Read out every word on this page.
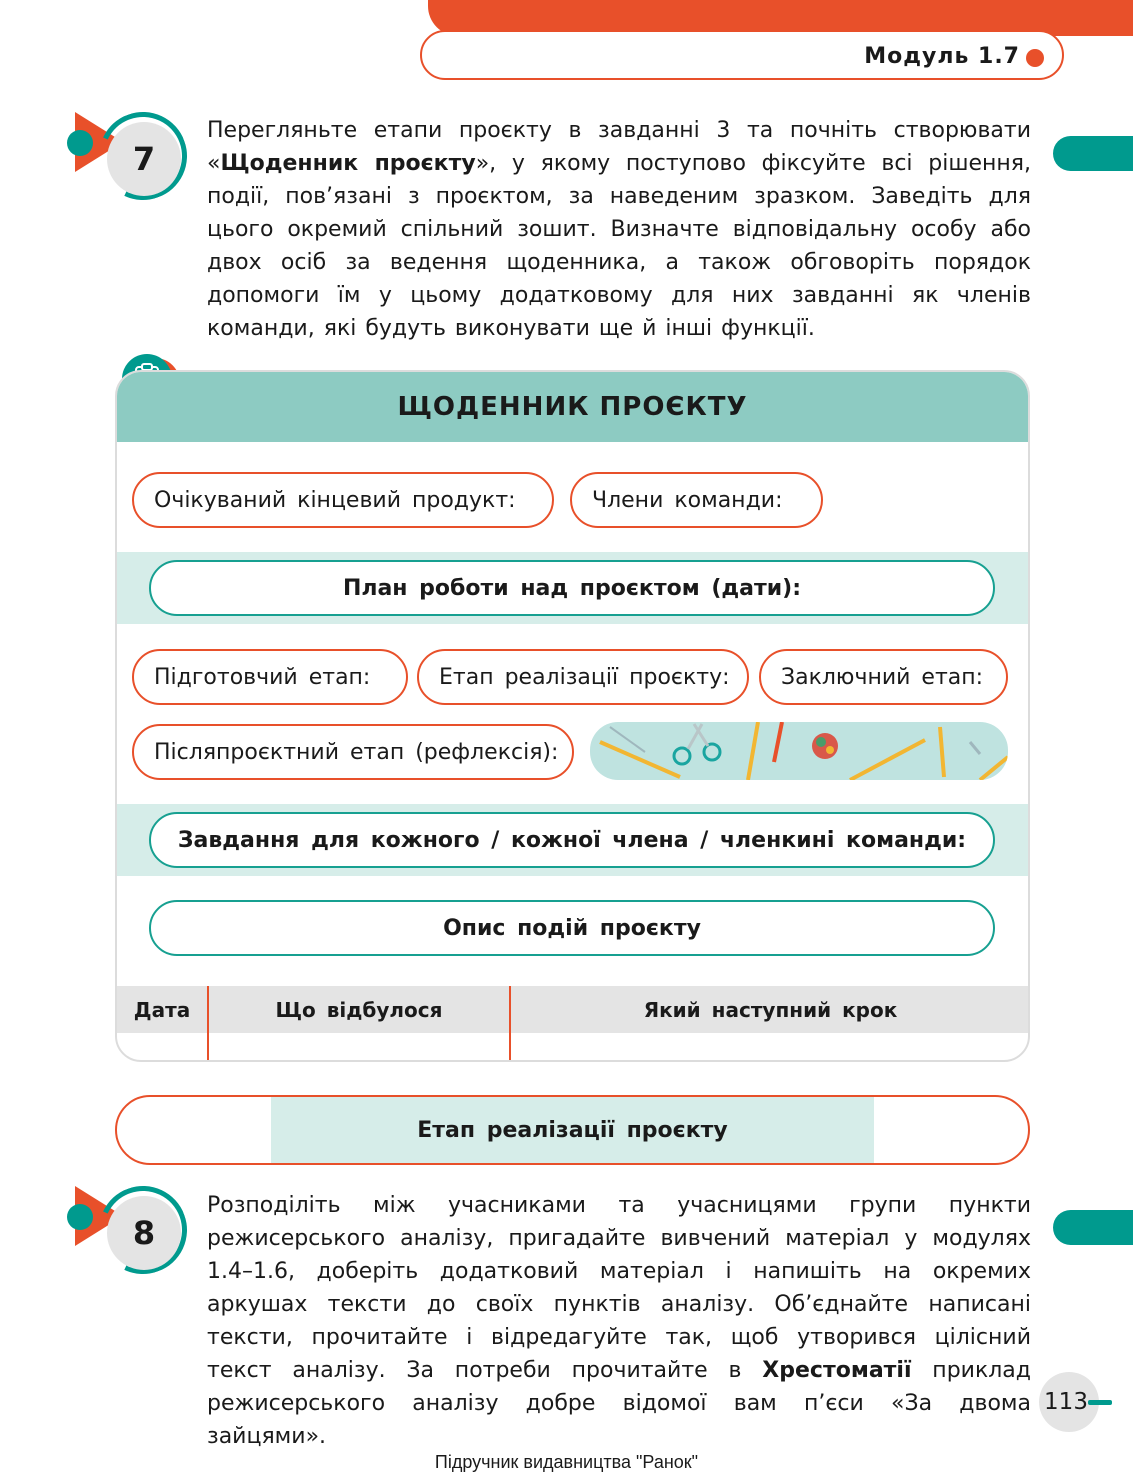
Модуль 1.7
7
Перегляньте етапи проєкту в завданні 3 та почніть створювати «Щоденник проєкту», у якому поступово фіксуйте всі рішення, події, пов’язані з проєктом, за наведеним зразком. Заведіть для цього окремий спільний зошит. Визначте відповідальну особу або двох осіб за ведення щоденника, а також обговоріть порядок допомоги їм у цьому додатковому для них завданні як членів команди, які будуть виконувати ще й інші функції.
ЩОДЕННИК ПРОЄКТУ
Очікуваний кінцевий продукт:	Члени команди:
План роботи над проєктом (дати):
Підготовчий етап:	Етап реалізації проєкту:	Заключний етап:
Післяпроєктний етап (рефлексія):
Завдання для кожного / кожної члена / членкині команди:
Опис подій проєкту
Дата	Що відбулося	Який наступний крок
Етап реалізації проєкту
8
Розподіліть між учасниками та учасницями групи пункти режисерського аналізу, пригадайте вивчений матеріал у модулях 1.4–1.6, доберіть додатковий матеріал і напишіть на окремих аркушах тексти до своїх пунктів аналізу. Об’єднайте написані тексти, прочитайте і відредагуйте так, щоб утворився цілісний текст аналізу. За потреби прочитайте в Хрестоматії приклад режисерського аналізу добре відомої вам п’єси «За двома зайцями».
113
Підручник видавництва "Ранок"
